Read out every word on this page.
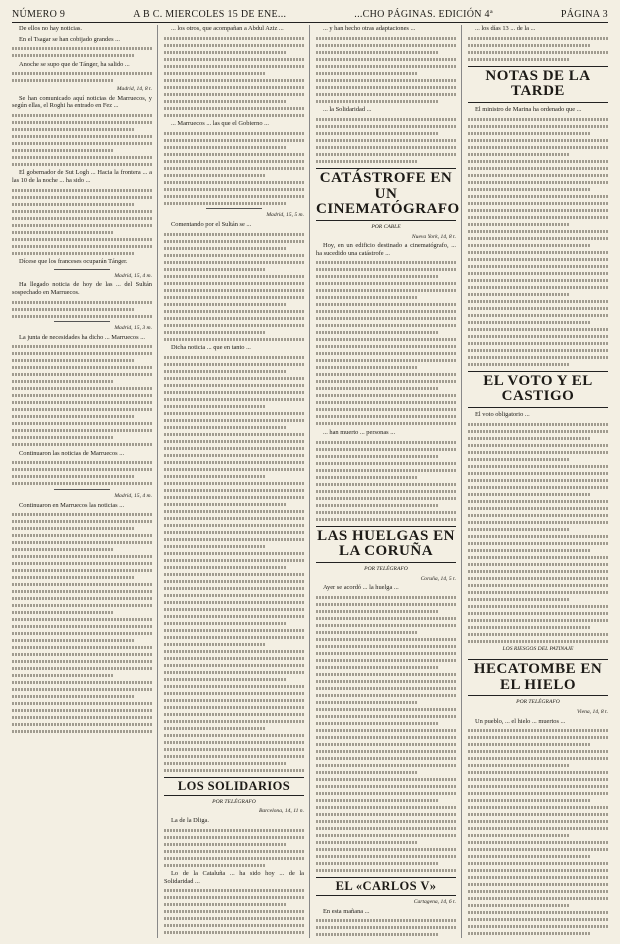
NÚMERO 9	A B C. MIERCOLES 15 DE ENE...	...CHO PÁGINAS. EDICIÓN 4ª	PÁGINA 3

De ellos no hay noticias.

En el Tsagar se han cobijado grandes ...

Anoche se supo que de Tánger, ha salido ...

Madrid, 14, 8 t.

Se han comunicado aquí noticias de Marruecos, y según ellas, el Roghi ha entrado en Fez ...

El gobernador de Sut Logh ... Hacia la frontera ... a las 10 de la noche ... ha sido ...

Dícese que los franceses ocuparán Tánger.

Madrid, 15, 4 m.

Ha llegado noticia de hoy de las ... del Sultán sospechado en Marruecos.

Madrid, 15, 3 m.

La junta de necesidades ha dicho ... Marruecos ...

Continuaron las noticias de Marruecos ...

Madrid, 15, 4 m.

Continuaron en Marruecos las noticias ...

... los otros, que acompañan a Abdul Aziz ...

... Marruecos ... las que el Gobierno ...

Madrid, 15, 5 m.

Comentando por el Sultán se ...

Dicha noticia ... que en tanto ...

LOS SOLIDARIOS

POR TELÉGRAFO

Barcelona, 14, 11 n.

La de la Dliga.

Lo de la Cataluña ... ha sido hoy ... de la Solidaridad ...

... y han hecho otras adaptaciones ...

... la Solidaridad ...

CATÁSTROFE EN UN CINEMATÓGRAFO

POR CABLE

Nueva York, 14, 8 t.

Hoy, en un edificio destinado a cinematógrafo, ... ha sucedido una catástrofe ...

... han muerto ... personas ...

LAS HUELGAS EN LA CORUÑA

POR TELÉGRAFO

Coruña, 14, 5 t.

Ayer se acordó ... la huelga ...

EL «CARLOS V»

Cartagena, 14, 6 t.

En esta mañana ...

... los días 13 ... de la ...

NOTAS DE LA TARDE

El ministro de Marina ha ordenado que ...

EL VOTO Y EL CASTIGO

El voto obligatorio ...

LOS RIESGOS DEL PATINAJE

HECATOMBE EN EL HIELO

POR TELÉGRAFO

Viena, 14, 8 t.

Un pueblo, ... el hielo ... muertos ...
